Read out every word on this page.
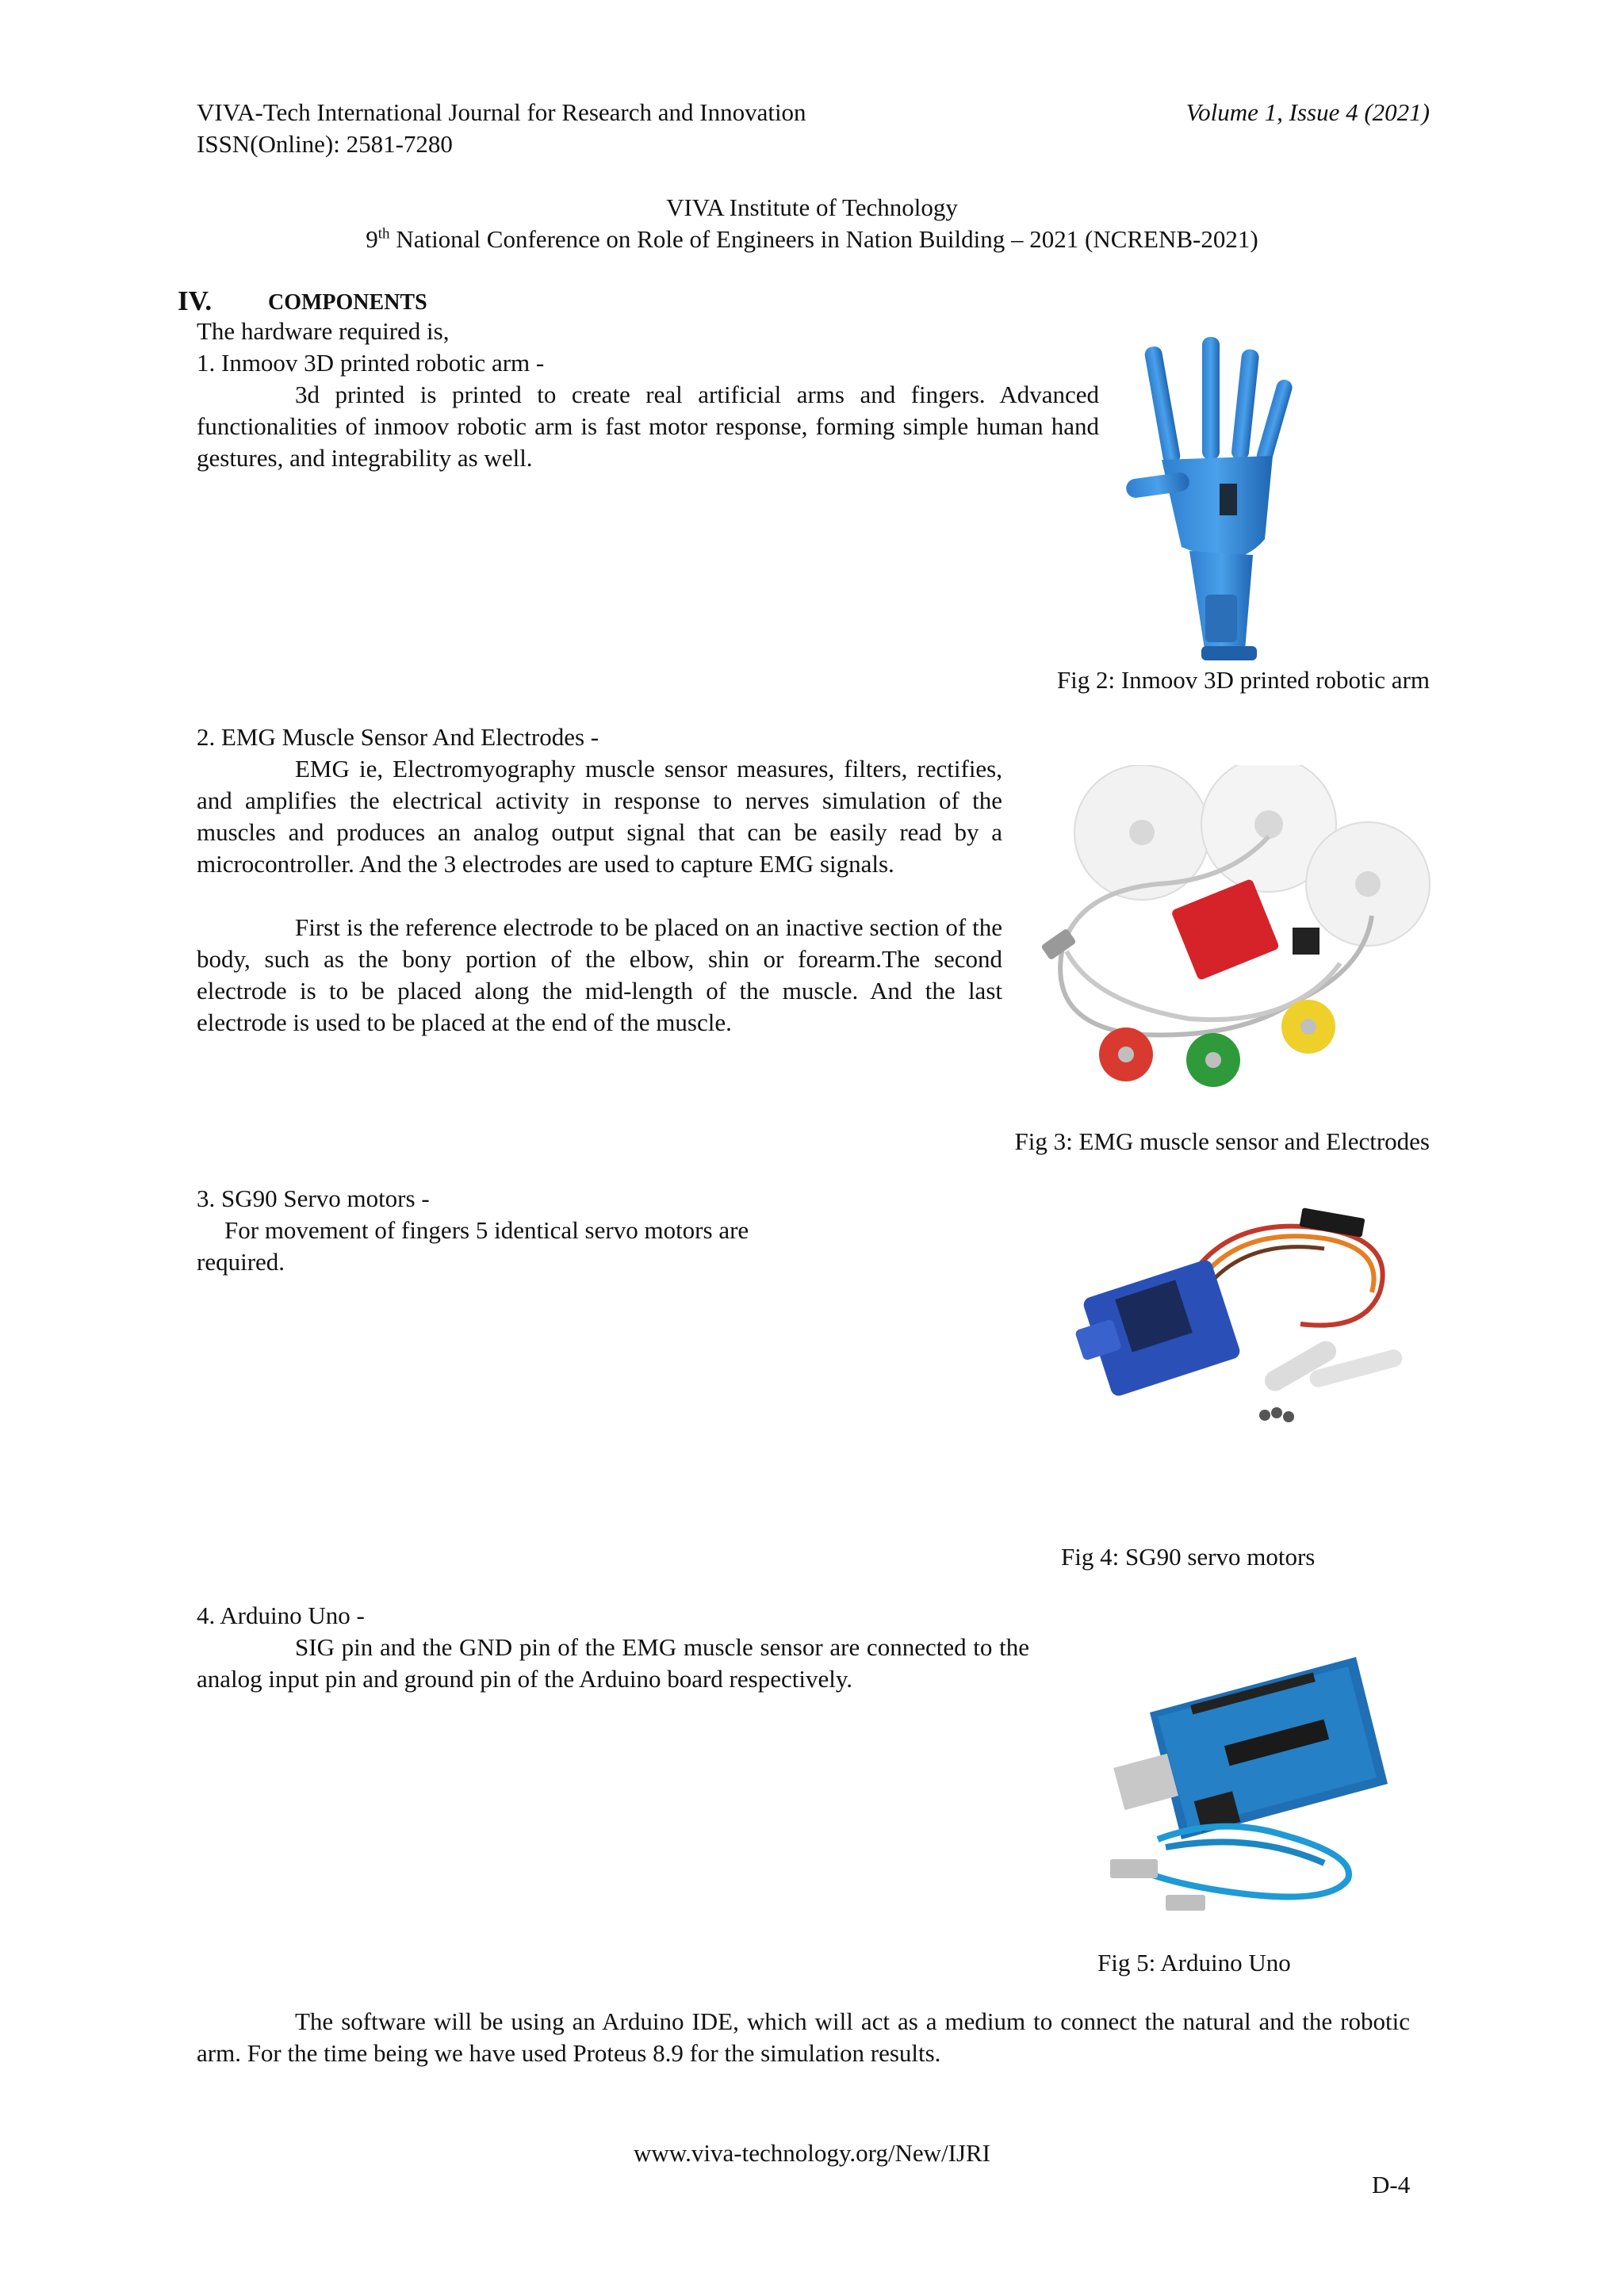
VIVA-Tech International Journal for Research and Innovation
ISSN(Online): 2581-7280
Volume 1, Issue 4 (2021)
VIVA Institute of Technology
9th National Conference on Role of Engineers in Nation Building – 2021 (NCRENB-2021)
IV.	COMPONENTS
The hardware required is,
1. Inmoov 3D printed robotic arm -
3d printed is printed to create real artificial arms and fingers. Advanced functionalities of inmoov robotic arm is fast motor response, forming simple human hand gestures, and integrability as well.
Fig 2: Inmoov 3D printed robotic arm
2. EMG Muscle Sensor And Electrodes -
EMG ie, Electromyography muscle sensor measures, filters, rectifies, and amplifies the electrical activity in response to nerves simulation of the muscles and produces an analog output signal that can be easily read by a microcontroller. And the 3 electrodes are used to capture EMG signals.
First is the reference electrode to be placed on an inactive section of the body, such as the bony portion of the elbow, shin or forearm.The second electrode is to be placed along the mid-length of the muscle. And the last electrode is used to be placed at the end of the muscle.
Fig 3: EMG muscle sensor and Electrodes
3. SG90 Servo motors -
For movement of fingers 5 identical servo motors are required.
Fig 4: SG90 servo motors
4. Arduino Uno -
SIG pin and the GND pin of the EMG muscle sensor are connected to the analog input pin and ground pin of the Arduino board respectively.
Fig 5: Arduino Uno
The software will be using an Arduino IDE, which will act as a medium to connect the natural and the robotic arm. For the time being we have used Proteus 8.9 for the simulation results.
www.viva-technology.org/New/IJRI
D-4
